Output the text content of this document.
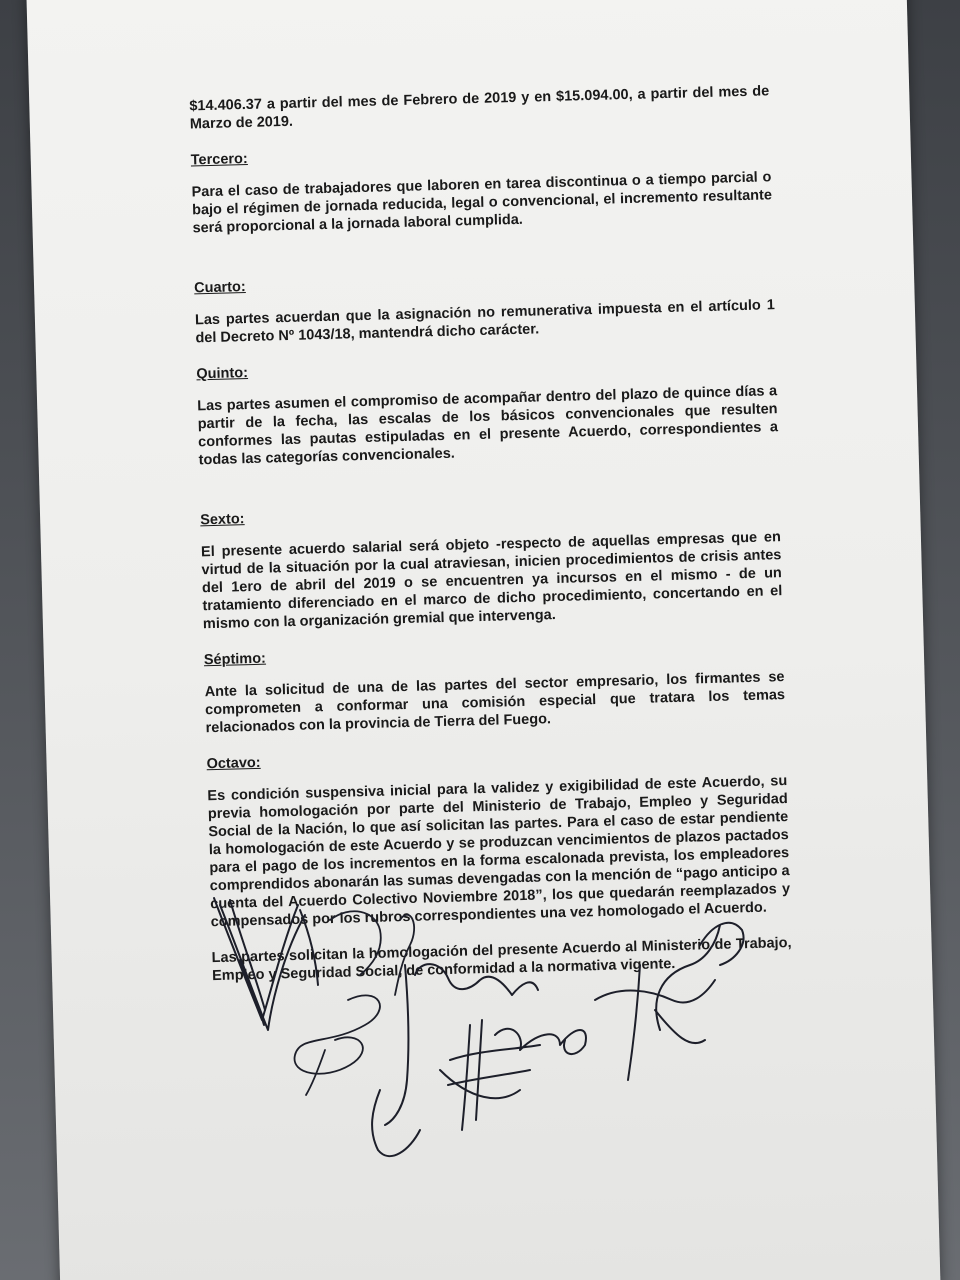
$14.406.37 a partir del mes de Febrero de 2019 y en $15.094.00, a partir del mes de Marzo de 2019.

Tercero:

Para el caso de trabajadores que laboren en tarea discontinua o a tiempo parcial o bajo el régimen de jornada reducida, legal o convencional, el incremento resultante será proporcional a la jornada laboral cumplida.

Cuarto:

Las partes acuerdan que la asignación no remunerativa impuesta en el artículo 1 del Decreto Nº 1043/18, mantendrá dicho carácter.

Quinto:

Las partes asumen el compromiso de acompañar dentro del plazo de quince días a partir de la fecha, las escalas de los básicos convencionales que resulten conformes las pautas estipuladas en el presente Acuerdo, correspondientes a todas las categorías convencionales.

Sexto:

El presente acuerdo salarial será objeto -respecto de aquellas empresas que en virtud de la situación por la cual atraviesan, inicien procedimientos de crisis antes del 1ero de abril del 2019 o se encuentren ya incursos en el mismo - de un tratamiento diferenciado en el marco de dicho procedimiento, concertando en el mismo con la organización gremial que intervenga.

Séptimo:

Ante la solicitud de una de las partes del sector empresario, los firmantes se comprometen a conformar una comisión especial que tratara los temas relacionados con la provincia de Tierra del Fuego.

Octavo:

Es condición suspensiva inicial para la validez y exigibilidad de este Acuerdo, su previa homologación por parte del Ministerio de Trabajo, Empleo y Seguridad Social de la Nación, lo que así solicitan las partes. Para el caso de estar pendiente la homologación de este Acuerdo y se produzcan vencimientos de plazos pactados para el pago de los incrementos en la forma escalonada prevista, los empleadores comprendidos abonarán las sumas devengadas con la mención de “pago anticipo a cuenta del Acuerdo Colectivo Noviembre 2018”, los que quedarán reemplazados y compensados por los rubros correspondientes una vez homologado el Acuerdo.

Las partes solicitan la homologación del presente Acuerdo al Ministerio de Trabajo, Empleo y Seguridad Social, de conformidad a la normativa vigente.
